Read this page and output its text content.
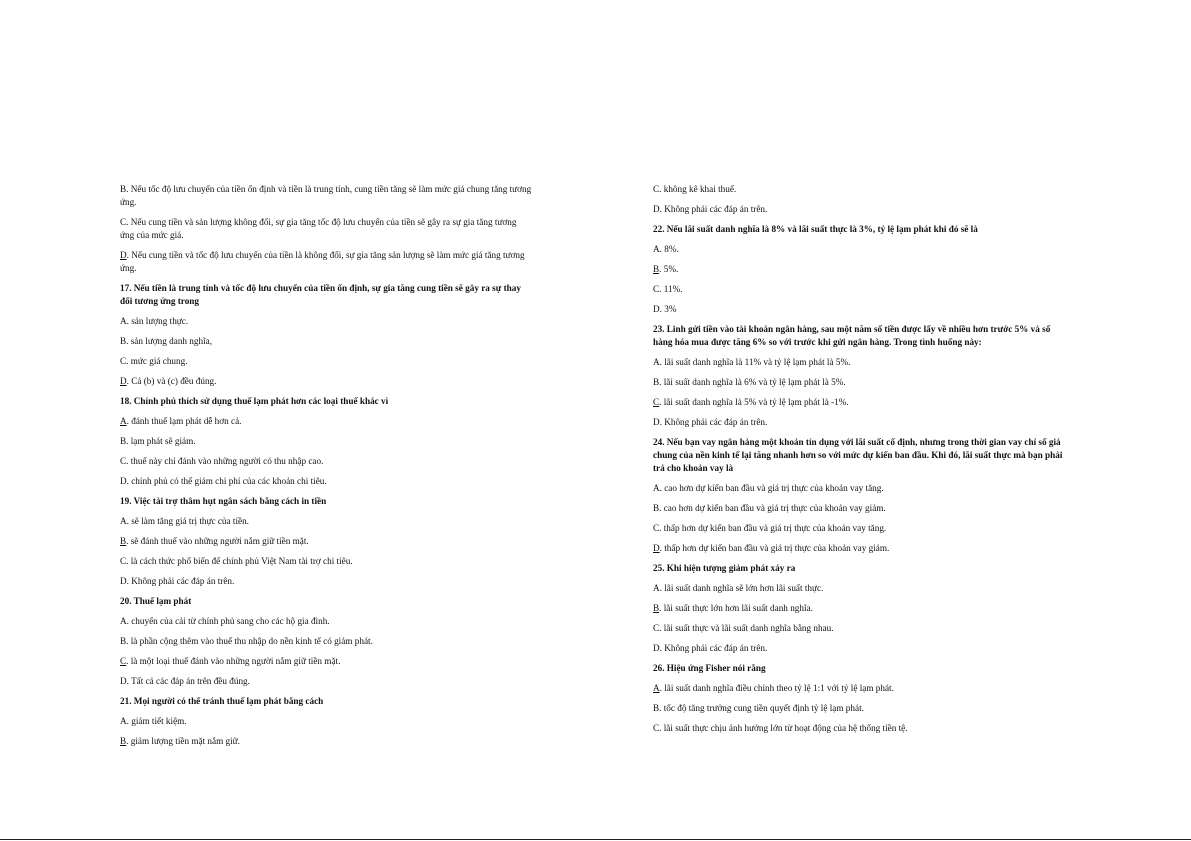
B. Nếu tốc độ lưu chuyển của tiền ổn định và tiền là trung tính, cung tiền tăng sẽ làm mức giá chung tăng tương ứng.
C. Nếu cung tiền và sản lượng không đổi, sự gia tăng tốc độ lưu chuyển của tiền sẽ gây ra sự gia tăng tương ứng của mức giá.
D. Nếu cung tiền và tốc độ lưu chuyển của tiền là không đổi, sự gia tăng sản lượng sẽ làm mức giá tăng tương ứng.
17. Nếu tiền là trung tính và tốc độ lưu chuyển của tiền ổn định, sự gia tăng cung tiền sẽ gây ra sự thay đổi tương ứng trong
A. sản lượng thực.
B. sản lượng danh nghĩa,
C. mức giá chung.
D. Cả (b) và (c) đều đúng.
18. Chính phủ thích sử dụng thuế lạm phát hơn các loại thuế khác vì
A. đánh thuế lạm phát dễ hơn cả.
B. lạm phát sẽ giảm.
C. thuế này chỉ đánh vào những người có thu nhập cao.
D. chính phủ có thể giảm chi phí của các khoản chi tiêu.
19. Việc tài trợ thâm hụt ngân sách bằng cách in tiền
A. sẽ làm tăng giá trị thực của tiền.
B. sẽ đánh thuế vào những người nắm giữ tiền mặt.
C. là cách thức phổ biến để chính phủ Việt Nam tài trợ chi tiêu.
D. Không phải các đáp án trên.
20. Thuế lạm phát
A. chuyển của cải từ chính phủ sang cho các hộ gia đình.
B. là phần cộng thêm vào thuế thu nhập do nền kinh tế có giảm phát.
C. là một loại thuế đánh vào những người nắm giữ tiền mặt.
D. Tất cả các đáp án trên đều đúng.
21. Mọi người có thể tránh thuế lạm phát bằng cách
A. giảm tiết kiệm.
B. giảm lượng tiền mặt nắm giữ.
C. không kê khai thuế.
D. Không phải các đáp án trên.
22. Nếu lãi suất danh nghĩa là 8% và lãi suất thực là 3%, tỷ lệ lạm phát khi đó sẽ là
A. 8%.
B. 5%.
C. 11%.
D. 3%
23. Linh gửi tiền vào tài khoản ngân hàng, sau một năm số tiền được lấy về nhiều hơn trước 5% và số hàng hóa mua được tăng 6% so với trước khi gửi ngân hàng. Trong tình huống này:
A. lãi suất danh nghĩa là 11% và tỷ lệ lạm phát là 5%.
B. lãi suất danh nghĩa là 6% và tỷ lệ lạm phát là 5%.
C. lãi suất danh nghĩa là 5% và tỷ lệ lạm phát là -1%.
D. Không phải các đáp án trên.
24. Nếu bạn vay ngân hàng một khoản tín dụng với lãi suất cố định, nhưng trong thời gian vay chỉ số giá chung của nền kinh tế lại tăng nhanh hơn so với mức dự kiến ban đầu. Khi đó, lãi suất thực mà bạn phải trả cho khoản vay là
A. cao hơn dự kiến ban đầu và giá trị thực của khoản vay tăng.
B. cao hơn dự kiến ban đầu và giá trị thực của khoản vay giảm.
C. thấp hơn dự kiến ban đầu và giá trị thực của khoản vay tăng.
D. thấp hơn dự kiến ban đầu và giá trị thực của khoản vay giảm.
25. Khi hiện tượng giảm phát xảy ra
A. lãi suất danh nghĩa sẽ lớn hơn lãi suất thực.
B. lãi suất thực lớn hơn lãi suất danh nghĩa.
C. lãi suất thực và lãi suất danh nghĩa bằng nhau.
D. Không phải các đáp án trên.
26. Hiệu ứng Fisher nói rằng
A. lãi suất danh nghĩa điều chỉnh theo tỷ lệ 1:1 với tỷ lệ lạm phát.
B. tốc độ tăng trưởng cung tiền quyết định tỷ lệ lạm phát.
C. lãi suất thực chịu ảnh hưởng lớn từ hoạt động của hệ thống tiền tệ.
